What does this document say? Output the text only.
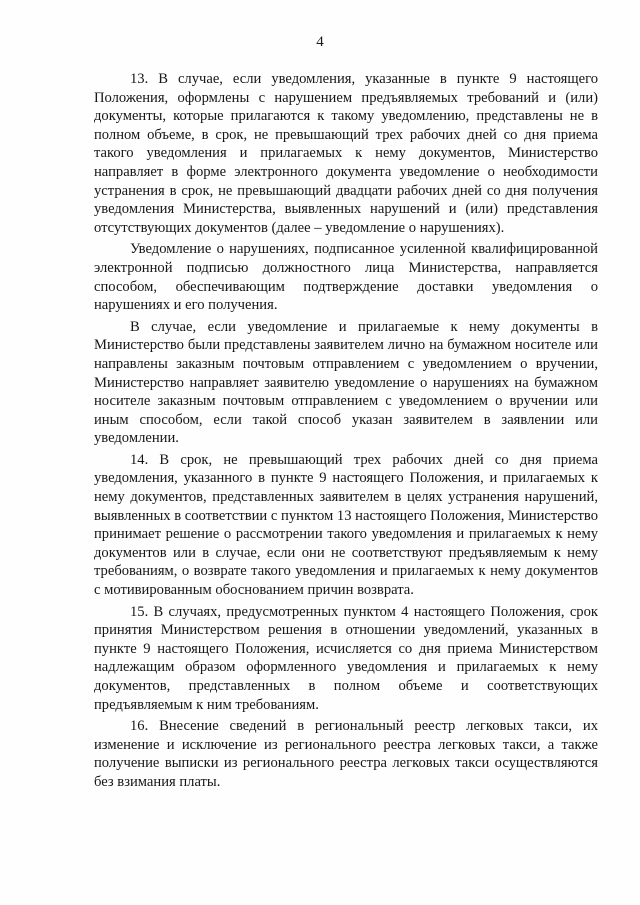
4

13. В случае, если уведомления, указанные в пункте 9 настоящего Положения, оформлены с нарушением предъявляемых требований и (или) документы, которые прилагаются к такому уведомлению, представлены не в полном объеме, в срок, не превышающий трех рабочих дней со дня приема такого уведомления и прилагаемых к нему документов, Министерство направляет в форме электронного документа уведомление о необходимости устранения в срок, не превышающий двадцати рабочих дней со дня получения уведомления Министерства, выявленных нарушений и (или) представления отсутствующих документов (далее – уведомление о нарушениях).

Уведомление о нарушениях, подписанное усиленной квалифицированной электронной подписью должностного лица Министерства, направляется способом, обеспечивающим подтверждение доставки уведомления о нарушениях и его получения.

В случае, если уведомление и прилагаемые к нему документы в Министерство были представлены заявителем лично на бумажном носителе или направлены заказным почтовым отправлением с уведомлением о вручении, Министерство направляет заявителю уведомление о нарушениях на бумажном носителе заказным почтовым отправлением с уведомлением о вручении или иным способом, если такой способ указан заявителем в заявлении или уведомлении.

14. В срок, не превышающий трех рабочих дней со дня приема уведомления, указанного в пункте 9 настоящего Положения, и прилагаемых к нему документов, представленных заявителем в целях устранения нарушений, выявленных в соответствии с пунктом 13 настоящего Положения, Министерство принимает решение о рассмотрении такого уведомления и прилагаемых к нему документов или в случае, если они не соответствуют предъявляемым к нему требованиям, о возврате такого уведомления и прилагаемых к нему документов с мотивированным обоснованием причин возврата.

15. В случаях, предусмотренных пунктом 4 настоящего Положения, срок принятия Министерством решения в отношении уведомлений, указанных в пункте 9 настоящего Положения, исчисляется со дня приема Министерством надлежащим образом оформленного уведомления и прилагаемых к нему документов, представленных в полном объеме и соответствующих предъявляемым к ним требованиям.

16. Внесение сведений в региональный реестр легковых такси, их изменение и исключение из регионального реестра легковых такси, а также получение выписки из регионального реестра легковых такси осуществляются без взимания платы.
